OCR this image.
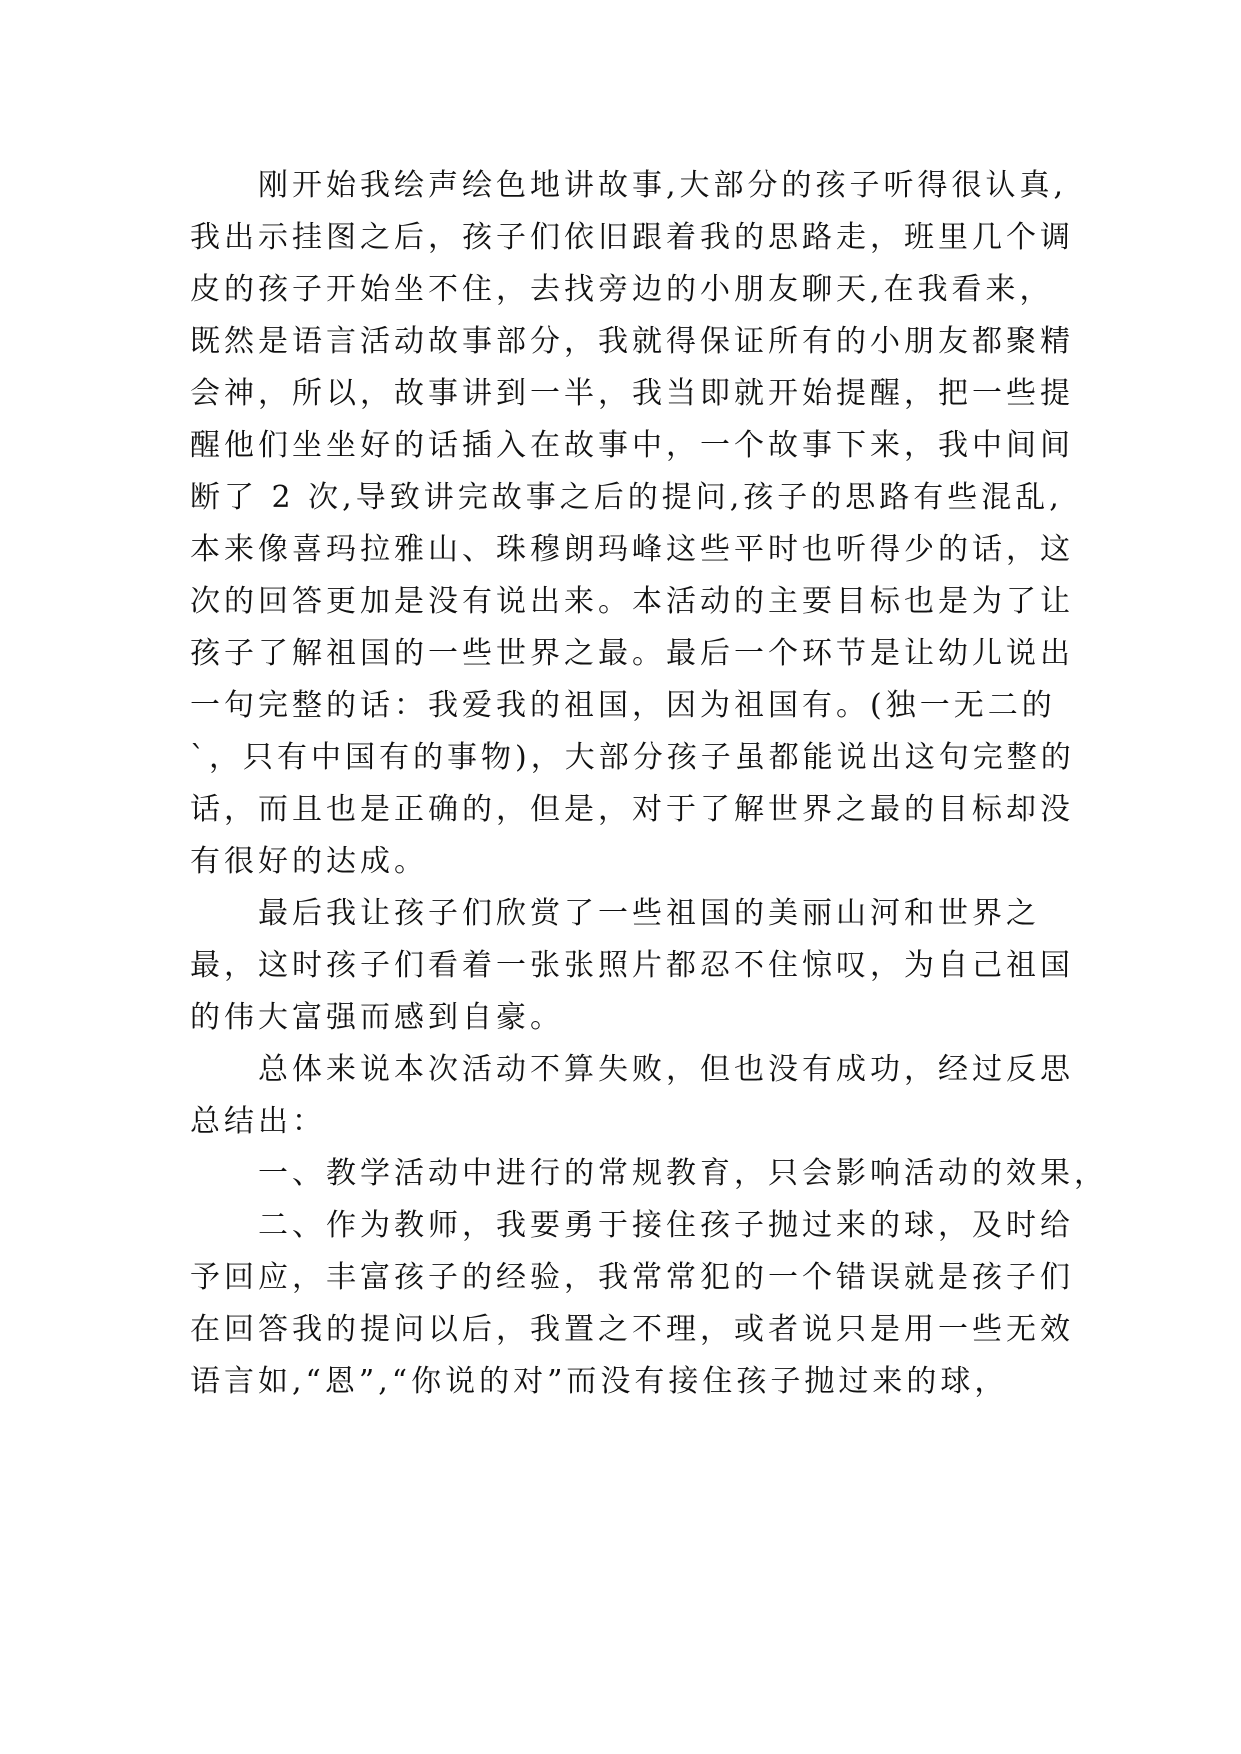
刚开始我绘声绘色地讲故事,大部分的孩子听得很认真,
我出示挂图之后，孩子们依旧跟着我的思路走，班里几个调
皮的孩子开始坐不住，去找旁边的小朋友聊天,在我看来，
既然是语言活动故事部分，我就得保证所有的小朋友都聚精
会神，所以，故事讲到一半，我当即就开始提醒，把一些提
醒他们坐坐好的话插入在故事中，一个故事下来，我中间间
断了 2 次,导致讲完故事之后的提问,孩子的思路有些混乱,
本来像喜玛拉雅山、珠穆朗玛峰这些平时也听得少的话，这
次的回答更加是没有说出来。本活动的主要目标也是为了让
孩子了解祖国的一些世界之最。最后一个环节是让幼儿说出
一句完整的话：我爱我的祖国，因为祖国有。(独一无二的
`，只有中国有的事物)，大部分孩子虽都能说出这句完整的
话，而且也是正确的，但是，对于了解世界之最的目标却没
有很好的达成。
最后我让孩子们欣赏了一些祖国的美丽山河和世界之
最，这时孩子们看着一张张照片都忍不住惊叹，为自己祖国
的伟大富强而感到自豪。
总体来说本次活动不算失败，但也没有成功，经过反思
总结出：
一、教学活动中进行的常规教育，只会影响活动的效果，
二、作为教师，我要勇于接住孩子抛过来的球，及时给
予回应，丰富孩子的经验，我常常犯的一个错误就是孩子们
在回答我的提问以后，我置之不理，或者说只是用一些无效
语言如,“恩”,“你说的对”而没有接住孩子抛过来的球，
